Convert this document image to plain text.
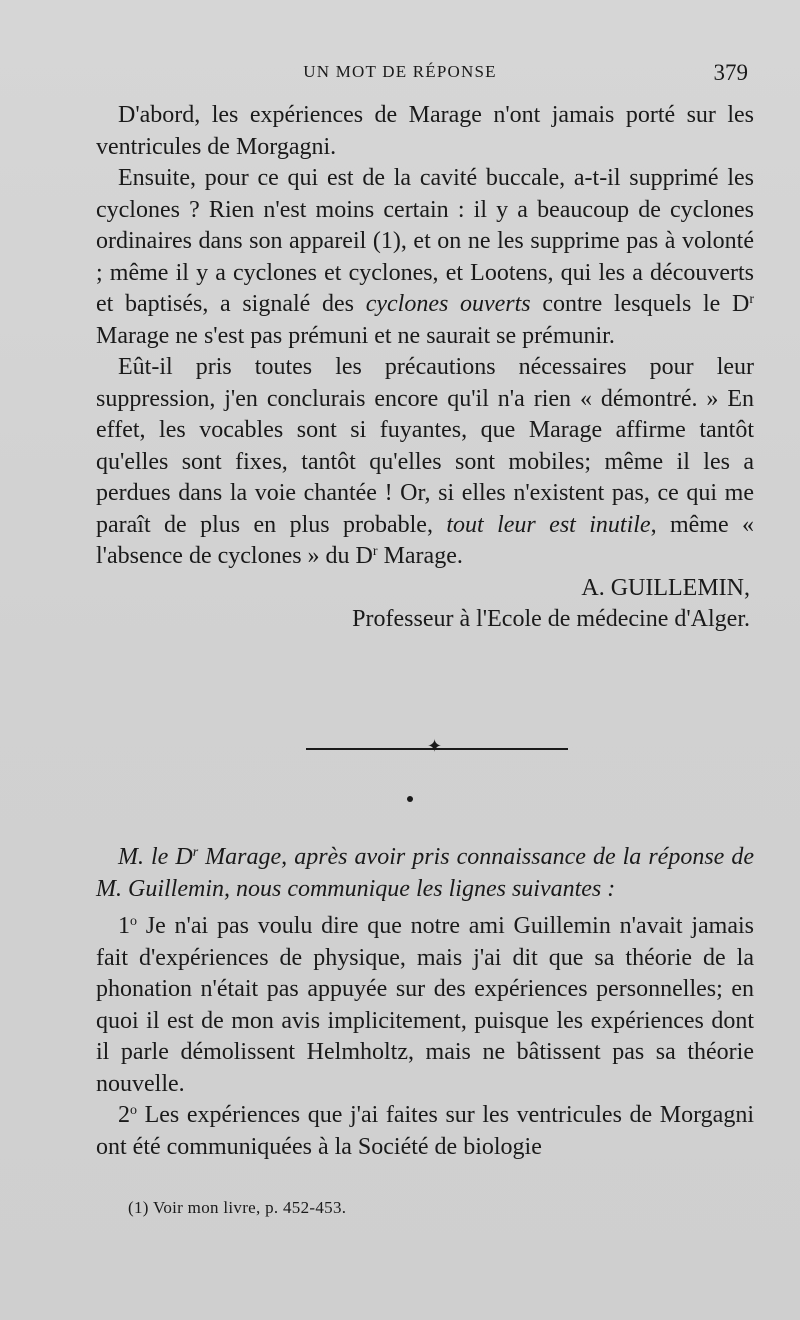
UN MOT DE RÉPONSE	379

D'abord, les expériences de Marage n'ont jamais porté sur les ventricules de Morgagni.

Ensuite, pour ce qui est de la cavité buccale, a-t-il supprimé les cyclones ? Rien n'est moins certain : il y a beaucoup de cyclones ordinaires dans son appareil (1), et on ne les supprime pas à volonté ; même il y a cyclones et cyclones, et Lootens, qui les a découverts et baptisés, a signalé des cyclones ouverts contre lesquels le $D^r$ Marage ne s'est pas prémuni et ne saurait se prémunir.

Eût-il pris toutes les précautions nécessaires pour leur suppression, j'en conclurais encore qu'il n'a rien « démontré. » En effet, les vocables sont si fuyantes, que Marage affirme tantôt qu'elles sont fixes, tantôt qu'elles sont mobiles; même il les a perdues dans la voie chantée ! Or, si elles n'existent pas, ce qui me paraît de plus en plus probable, tout leur est inutile, même « l'absence de cyclones » du $D^r$ Marage.

A. GUILLEMIN,

Professeur à l'Ecole de médecine d'Alger.

✦

M. le $D^r$ Marage, après avoir pris connaissance de la réponse de M. Guillemin, nous communique les lignes suivantes :

1$^o$ Je n'ai pas voulu dire que notre ami Guillemin n'avait jamais fait d'expériences de physique, mais j'ai dit que sa théorie de la phonation n'était pas appuyée sur des expériences personnelles; en quoi il est de mon avis implicitement, puisque les expériences dont il parle démolissent Helmholtz, mais ne bâtissent pas sa théorie nouvelle.

2$^o$ Les expériences que j'ai faites sur les ventricules de Morgagni ont été communiquées à la Société de biologie

(1) Voir mon livre, p. 452-453.
